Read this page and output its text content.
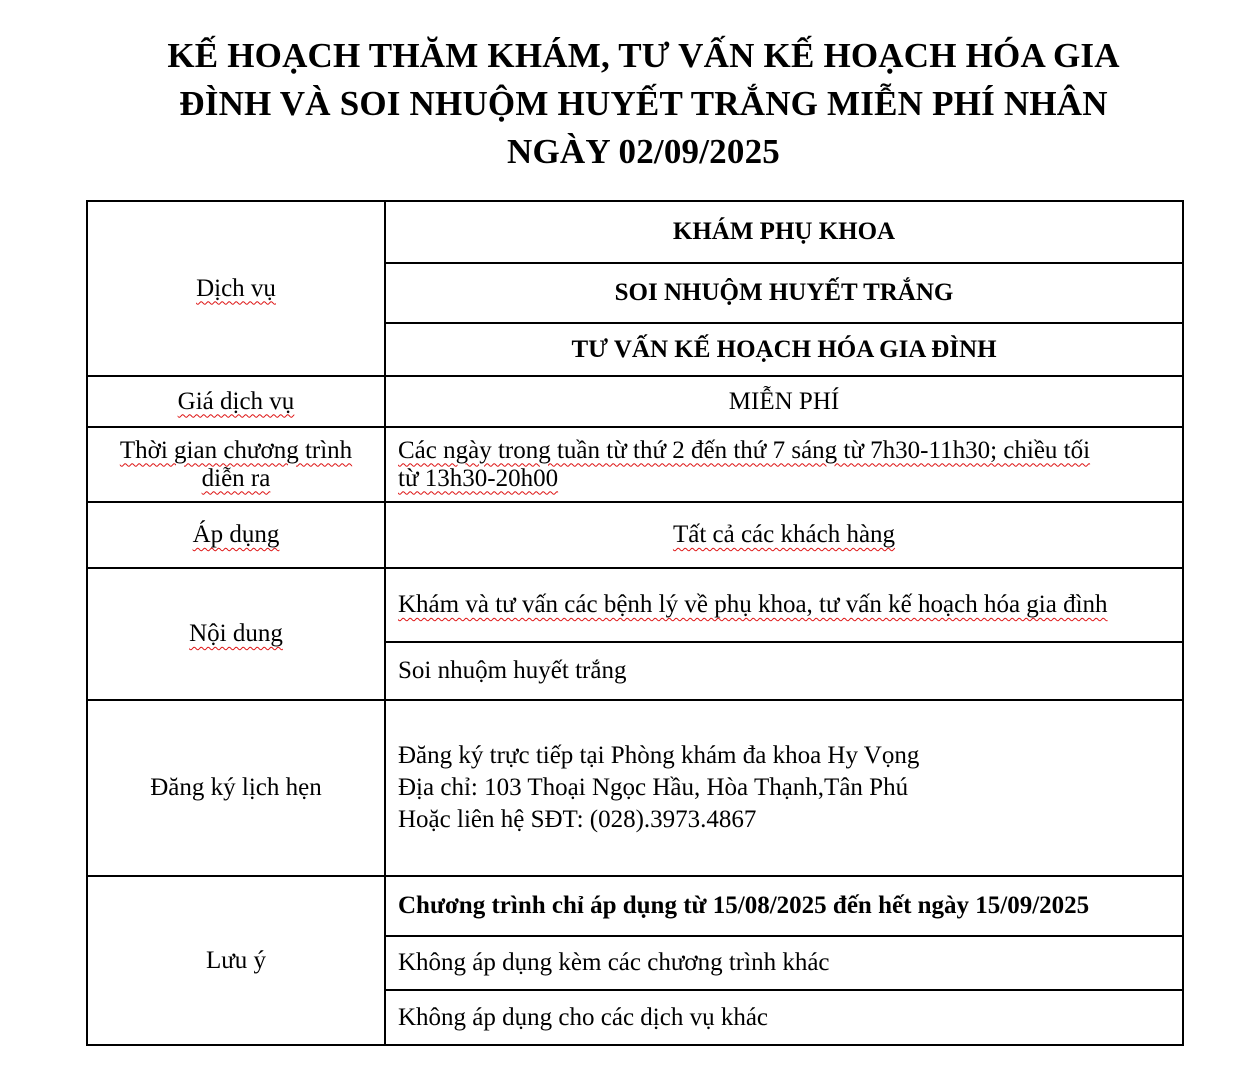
KẾ HOẠCH THĂM KHÁM, TƯ VẤN KẾ HOẠCH HÓA GIA
ĐÌNH VÀ SOI NHUỘM HUYẾT TRẮNG MIỄN PHÍ NHÂN
NGÀY 02/09/2025
Dịch vụ	KHÁM PHỤ KHOA
	SOI NHUỘM HUYẾT TRẮNG
	TƯ VẤN KẾ HOẠCH HÓA GIA ĐÌNH
Giá dịch vụ	MIỄN PHÍ

Thời gian chương trình
diễn ra	Các ngày trong tuần từ thứ 2 đến thứ 7 sáng từ 7h30-11h30; chiều tối
từ 13h30-20h00

Áp dụng	Tất cả các khách hàng
Nội dung	Khám và tư vấn các bệnh lý về phụ khoa, tư vấn kế hoạch hóa gia đình
	Soi nhuộm huyết trắng
Đăng ký lịch hẹn	Đăng ký trực tiếp tại Phòng khám đa khoa Hy Vọng
Địa chỉ: 103 Thoại Ngọc Hầu, Hòa Thạnh,Tân Phú
Hoặc liên hệ SĐT: (028).3973.4867

Lưu ý	Chương trình chỉ áp dụng từ 15/08/2025 đến hết ngày 15/09/2025
	Không áp dụng kèm các chương trình khác
	Không áp dụng cho các dịch vụ khác
